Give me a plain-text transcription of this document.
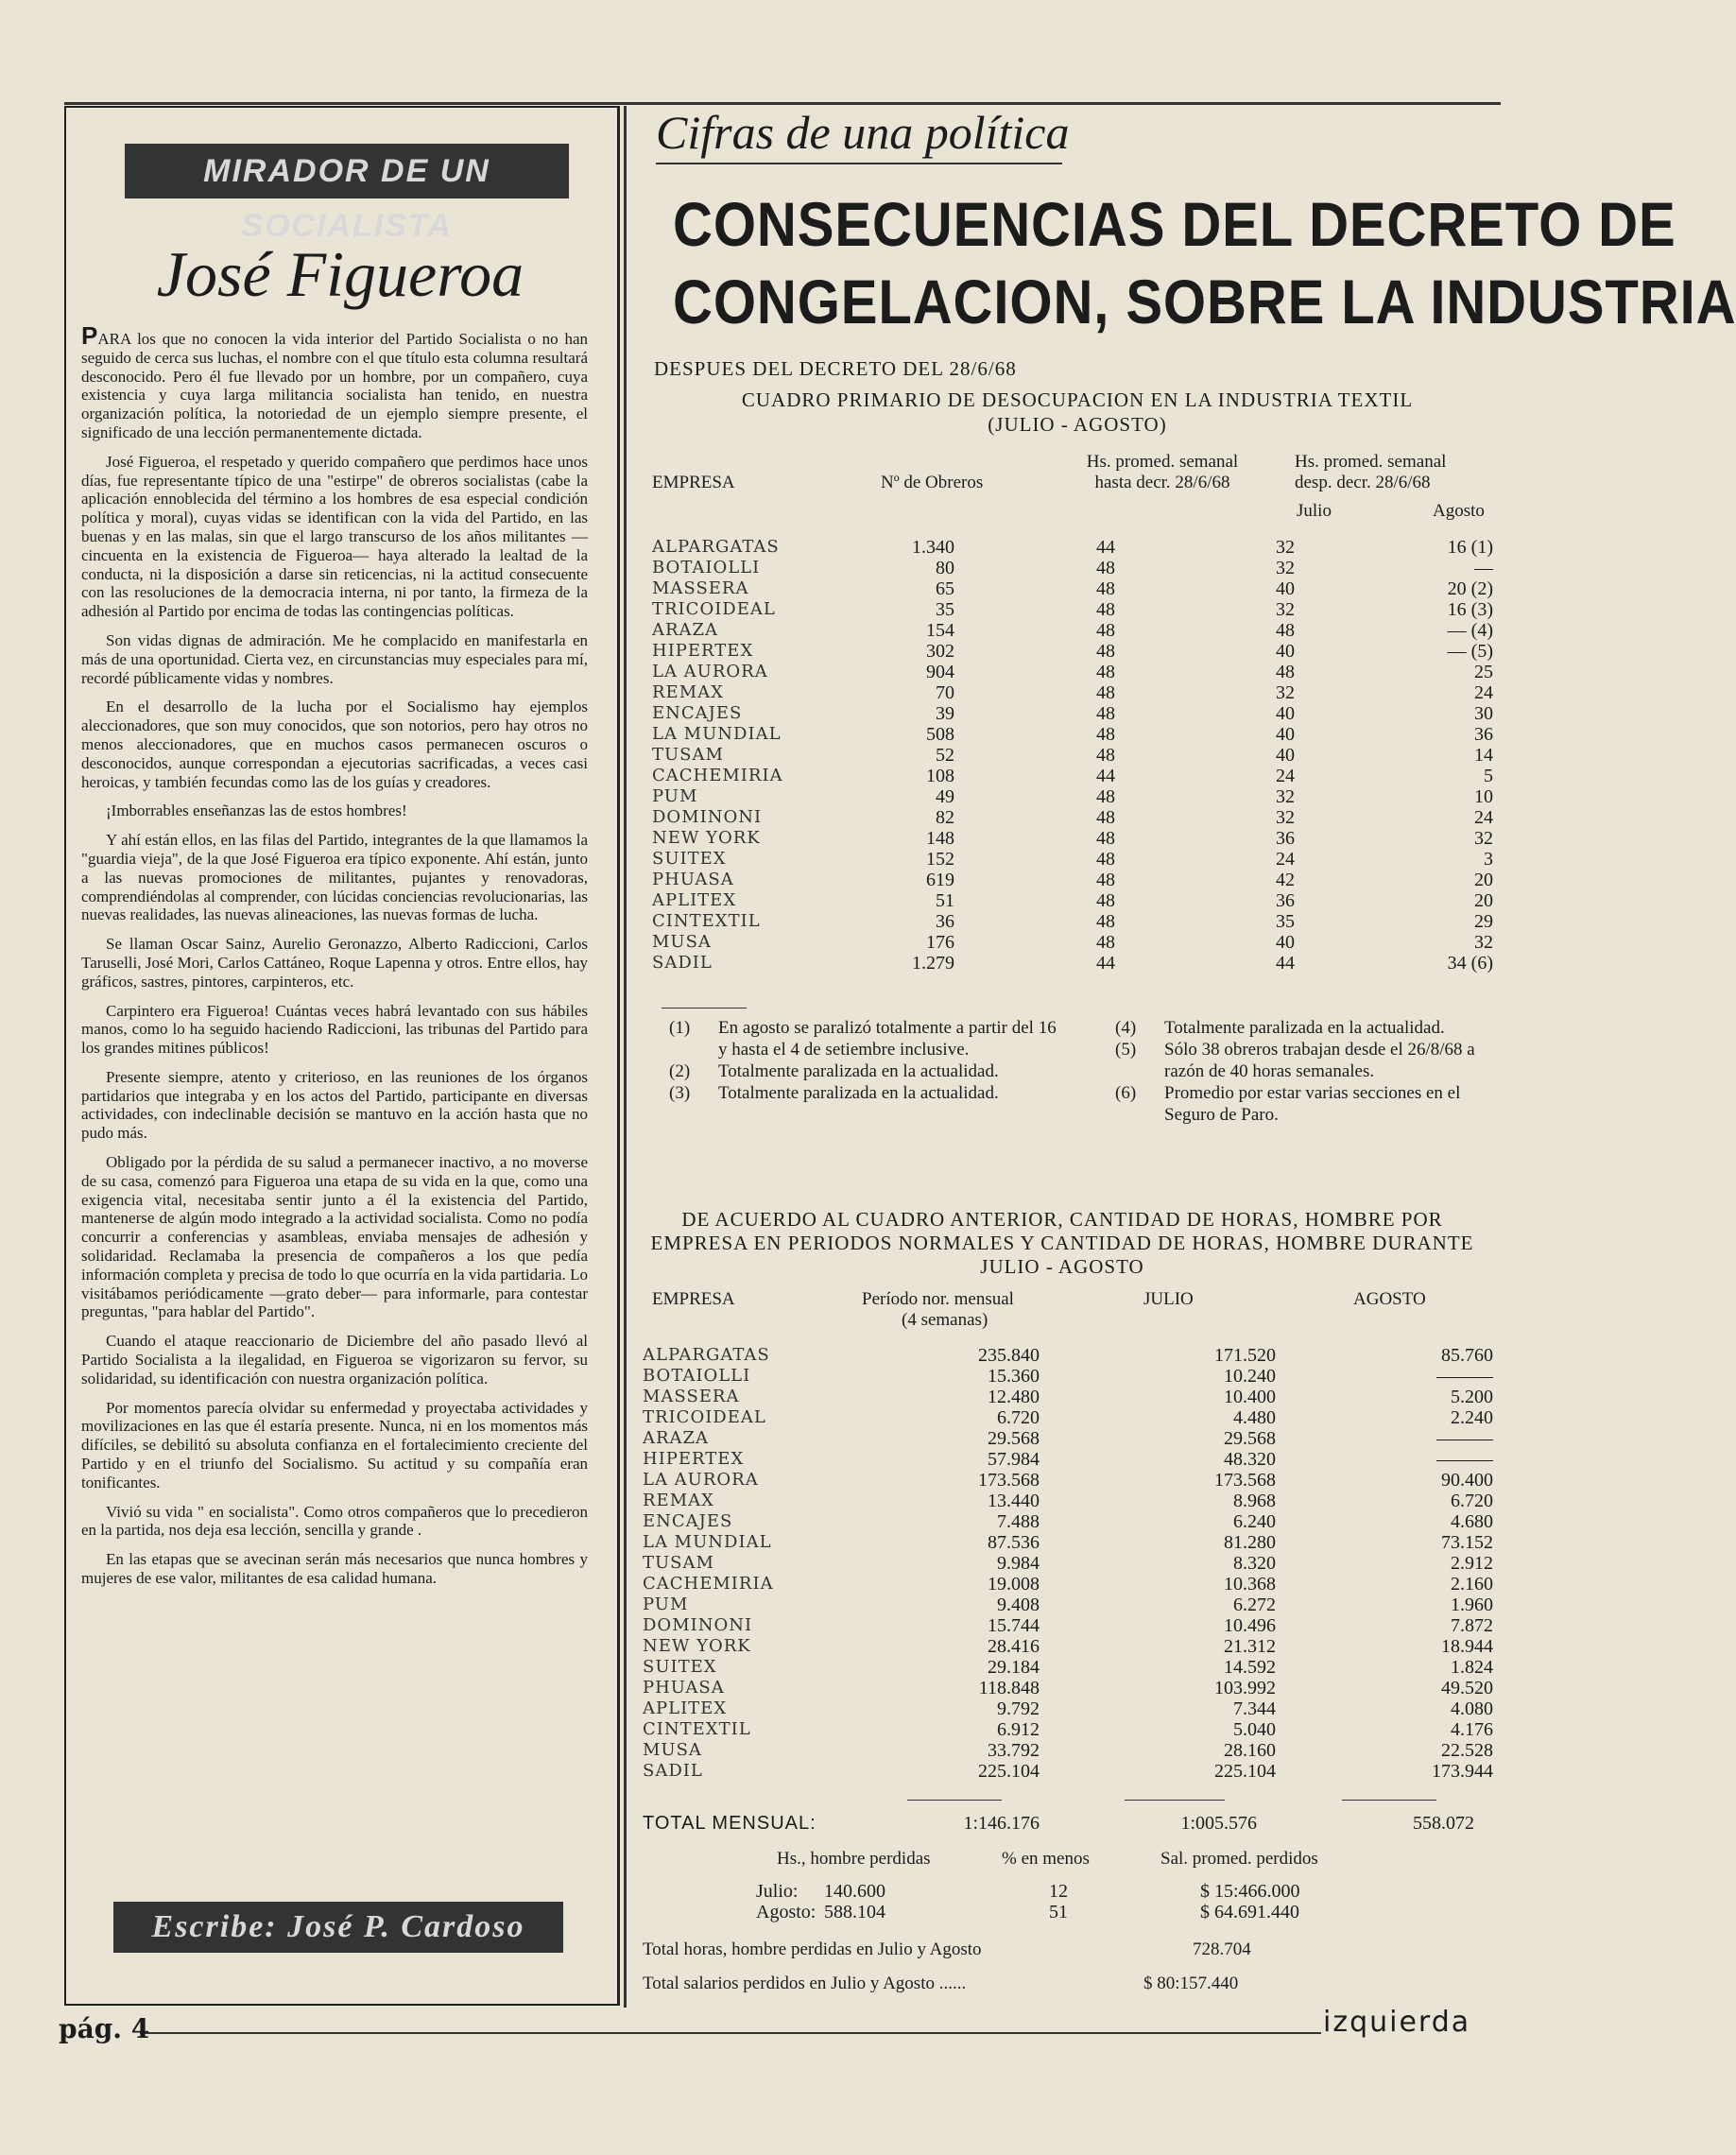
MIRADOR DE UN SOCIALISTA
José Figueroa

PARA los que no conocen la vida interior del Partido Socialista o no han seguido de cerca sus luchas, el nombre con el que título esta columna resultará desconocido. Pero él fue llevado por un hombre, por un compañero, cuya existencia y cuya larga militancia socialista han tenido, en nuestra organización política, la notoriedad de un ejemplo siempre presente, el significado de una lección permanentemente dictada.

José Figueroa, el respetado y querido compañero que perdimos hace unos días, fue representante típico de una "estirpe" de obreros socialistas (cabe la aplicación ennoblecida del término a los hombres de esa especial condición política y moral), cuyas vidas se identifican con la vida del Partido, en las buenas y en las malas, sin que el largo transcurso de los años militantes —cincuenta en la existencia de Figueroa— haya alterado la lealtad de la conducta, ni la disposición a darse sin reticencias, ni la actitud consecuente con las resoluciones de la democracia interna, ni por tanto, la firmeza de la adhesión al Partido por encima de todas las contingencias políticas.

Son vidas dignas de admiración. Me he complacido en manifestarla en más de una oportunidad. Cierta vez, en circunstancias muy especiales para mí, recordé públicamente vidas y nombres.

En el desarrollo de la lucha por el Socialismo hay ejemplos aleccionadores, que son muy conocidos, que son notorios, pero hay otros no menos aleccionadores, que en muchos casos permanecen oscuros o desconocidos, aunque correspondan a ejecutorias sacrificadas, a veces casi heroicas, y también fecundas como las de los guías y creadores.

¡Imborrables enseñanzas las de estos hombres!

Y ahí están ellos, en las filas del Partido, integrantes de la que llamamos la "guardia vieja", de la que José Figueroa era típico exponente. Ahí están, junto a las nuevas promociones de militantes, pujantes y renovadoras, comprendiéndolas al comprender, con lúcidas conciencias revolucionarias, las nuevas realidades, las nuevas alineaciones, las nuevas formas de lucha.

Se llaman Oscar Sainz, Aurelio Geronazzo, Alberto Radiccioni, Carlos Taruselli, José Mori, Carlos Cattáneo, Roque Lapenna y otros. Entre ellos, hay gráficos, sastres, pintores, carpinteros, etc.

Carpintero era Figueroa! Cuántas veces habrá levantado con sus hábiles manos, como lo ha seguido haciendo Radiccioni, las tribunas del Partido para los grandes mitines públicos!

Presente siempre, atento y criterioso, en las reuniones de los órganos partidarios que integraba y en los actos del Partido, participante en diversas actividades, con indeclinable decisión se mantuvo en la acción hasta que no pudo más.

Obligado por la pérdida de su salud a permanecer inactivo, a no moverse de su casa, comenzó para Figueroa una etapa de su vida en la que, como una exigencia vital, necesitaba sentir junto a él la existencia del Partido, mantenerse de algún modo integrado a la actividad socialista. Como no podía concurrir a conferencias y asambleas, enviaba mensajes de adhesión y solidaridad. Reclamaba la presencia de compañeros a los que pedía información completa y precisa de todo lo que ocurría en la vida partidaria. Lo visitábamos periódicamente —grato deber— para informarle, para contestar preguntas, "para hablar del Partido".

Cuando el ataque reaccionario de Diciembre del año pasado llevó al Partido Socialista a la ilegalidad, en Figueroa se vigorizaron su fervor, su solidaridad, su identificación con nuestra organización política.

Por momentos parecía olvidar su enfermedad y proyectaba actividades y movilizaciones en las que él estaría presente. Nunca, ni en los momentos más difíciles, se debilitó su absoluta confianza en el fortalecimiento creciente del Partido y en el triunfo del Socialismo. Su actitud y su compañía eran tonificantes.

Vivió su vida " en socialista". Como otros compañeros que lo precedieron en la partida, nos deja esa lección, sencilla y grande .

En las etapas que se avecinan serán más necesarios que nunca hombres y mujeres de ese valor, militantes de esa calidad humana.

Escribe: José P. Cardoso
Cifras de una política
CONSECUENCIAS DEL DECRETO DE
CONGELACION, SOBRE LA INDUSTRIA
DESPUES DEL DECRETO DEL 28/6/68
CUADRO PRIMARIO DE DESOCUPACION EN LA INDUSTRIA TEXTIL
(JULIO - AGOSTO)
EMPRESA	Nº de Obreros
Hs. promed. semanal
hasta decr. 28/6/68
Hs. promed. semanal
desp. decr. 28/6/68
Julio	Agosto
ALPARGATAS	1.340	44	32	16 (1)
BOTAIOLLI	80	48	32	—
MASSERA	65	48	40	20 (2)
TRICOIDEAL	35	48	32	16 (3)
ARAZA	154	48	48	— (4)
HIPERTEX	302	48	40	— (5)
LA AURORA	904	48	48	25
REMAX	70	48	32	24
ENCAJES	39	48	40	30
LA MUNDIAL	508	48	40	36
TUSAM	52	48	40	14
CACHEMIRIA	108	44	24	5
PUM	49	48	32	10
DOMINONI	82	48	32	24
NEW YORK	148	48	36	32
SUITEX	152	48	24	3
PHUASA	619	48	42	20
APLITEX	51	48	36	20
CINTEXTIL	36	48	35	29
MUSA	176	48	40	32
SADIL	1.279	44	44	34 (6)
(1)	En agosto se paralizó totalmente a partir del 16 y hasta el 4 de setiembre inclusive.
(2)	Totalmente paralizada en la actualidad.
(3)	Totalmente paralizada en la actualidad.
(4)	Totalmente paralizada en la actualidad.
(5)	Sólo 38 obreros trabajan desde el 26/8/68 a razón de 40 horas semanales.
(6)	Promedio por estar varias secciones en el Seguro de Paro.
DE ACUERDO AL CUADRO ANTERIOR, CANTIDAD DE HORAS, HOMBRE POR EMPRESA EN PERIODOS NORMALES Y CANTIDAD DE HORAS, HOMBRE DURANTE JULIO - AGOSTO
EMPRESA	Período nor. mensual
(4 semanas)
JULIO	AGOSTO
ALPARGATAS	235.840	171.520	85.760
BOTAIOLLI	15.360	10.240	———
MASSERA	12.480	10.400	5.200
TRICOIDEAL	6.720	4.480	2.240
ARAZA	29.568	29.568	———
HIPERTEX	57.984	48.320	———
LA AURORA	173.568	173.568	90.400
REMAX	13.440	8.968	6.720
ENCAJES	7.488	6.240	4.680
LA MUNDIAL	87.536	81.280	73.152
TUSAM	9.984	8.320	2.912
CACHEMIRIA	19.008	10.368	2.160
PUM	9.408	6.272	1.960
DOMINONI	15.744	10.496	7.872
NEW YORK	28.416	21.312	18.944
SUITEX	29.184	14.592	1.824
PHUASA	118.848	103.992	49.520
APLITEX	9.792	7.344	4.080
CINTEXTIL	6.912	5.040	4.176
MUSA	33.792	28.160	22.528
SADIL	225.104	225.104	173.944
TOTAL MENSUAL:	1:146.176	1:005.576	558.072
Hs., hombre perdidas	% en menos	Sal. promed. perdidos
Julio: 140.600	12	$ 15:466.000
Agosto: 588.104	51	$ 64.691.440
Total horas, hombre perdidas en Julio y Agosto	728.704
Total salarios perdidos en Julio y Agosto ......	$ 80:157.440
pág. 4	izquierda
